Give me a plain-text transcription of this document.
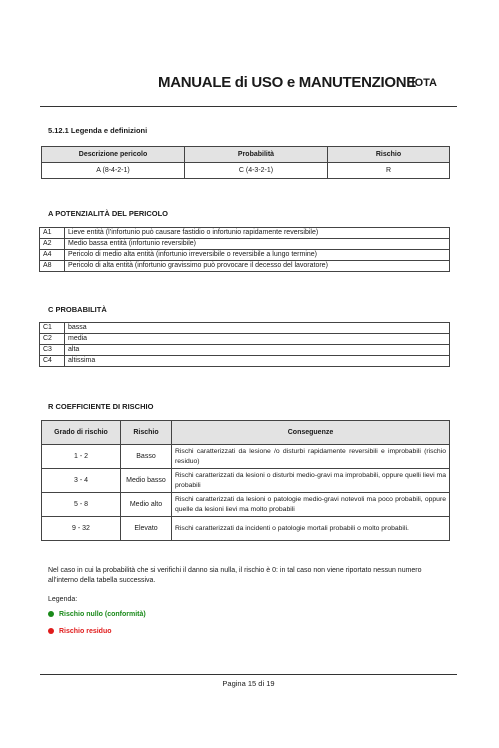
MANUALE di USO e MANUTENZIONE
IOTA
5.12.1 Legenda e definizioni
Descrizione pericolo	Probabilità	Rischio
A (8-4-2-1)	C (4-3-2-1)	R
A POTENZIALITÀ DEL PERICOLO
A1	Lieve entità (l’infortunio può causare fastidio o infortunio rapidamente reversibile)
A2	Medio bassa entità (infortunio reversibile)
A4	Pericolo di medio alta entità (infortunio irreversibile o reversibile a lungo termine)
A8	Pericolo di alta entità (infortunio gravissimo può provocare il decesso del lavoratore)
C PROBABILITÀ
C1	bassa
C2	media
C3	alta
C4	altissima
R COEFFICIENTE DI RISCHIO
Grado di rischio	Rischio	Conseguenze
1 - 2	Basso	Rischi caratterizzati da lesione /o disturbi rapidamente reversibili e improbabili (rischio residuo)
3 - 4	Medio basso	Rischi caratterizzati da lesioni o disturbi medio-gravi ma improbabili, oppure quelli lievi ma probabili
5 - 8	Medio alto	Rischi caratterizzati da lesioni o patologie medio-gravi notevoli ma poco probabili, oppure quelle da lesioni lievi ma molto probabili
9 - 32	Elevato	Rischi caratterizzati da incidenti o patologie mortali probabili o molto probabili.
Nel caso in cui la probabilità che si verifichi il danno sia nulla, il rischio è 0: in tal caso non viene riportato nessun numero all’interno della tabella successiva.
Legenda:
Rischio nullo (conformità)
Rischio residuo
Pagina 15 di 19
